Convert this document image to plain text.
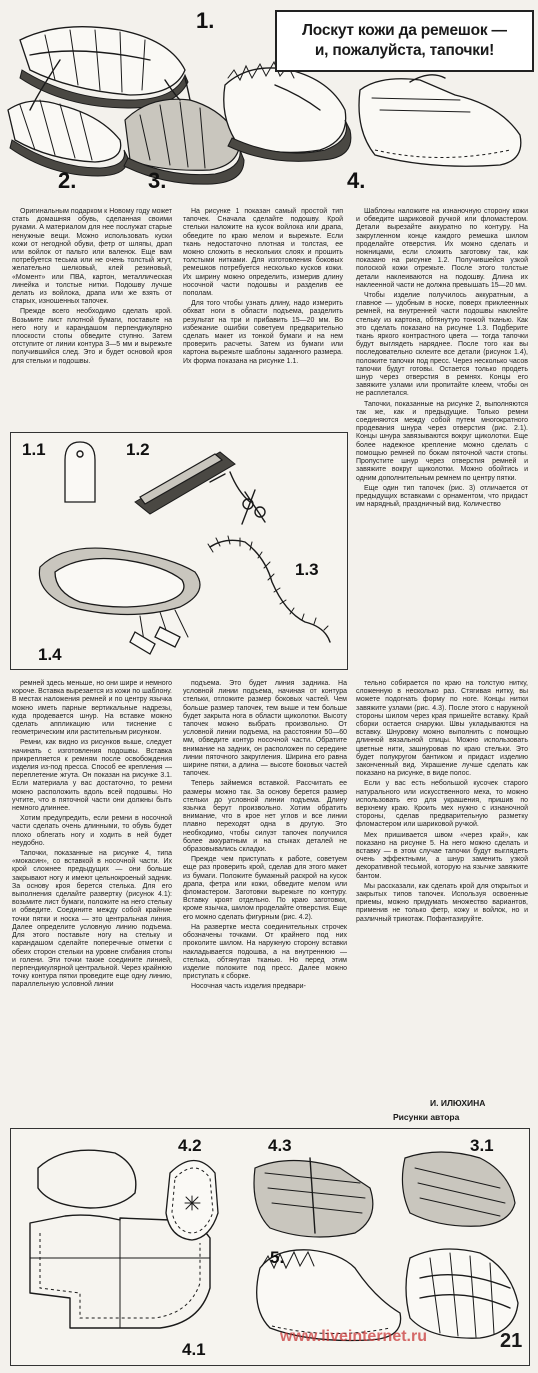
1.
2.	3.	4.
Лоскут кожи да ремешок —
и, пожалуйста, тапочки!

Оригинальным подарком к Новому году может стать домашняя обувь, сделанная своими руками. А материалом для нее послужат старые ненужные вещи. Можно использовать куски кожи от негодной обуви, фетр от шляпы, драп или войлок от пальто или валенок. Еще вам потребуется тесьма или не очень толстый жгут, желательно шелковый, клей резиновый, «Момент» или ПВА, картон, металлическая линейка и толстые нитки. Подошву лучше делать из войлока, драпа или же взять от старых, изношенных тапочек.

Прежде всего необходимо сделать крой. Возьмите лист плотной бумаги, поставьте на него ногу и карандашом перпендикулярно плоскости стопы обведите ступню. Затем отступите от линии контура 3—5 мм и вырежьте получившийся след. Это и будет основой кроя для стельки и подошвы.

На рисунке 1 показан самый простой тип тапочек. Сначала сделайте подошву. Крой стельки наложите на кусок войлока или драпа, обведите по краю мелом и вырежьте. Если ткань недостаточно плотная и толстая, ее можно сложить в нескольких слоях и прошить толстыми нитками. Для изготовления боковых ремешков потребуется несколько кусков кожи. Их ширину можно определить, измерив длину носочной части подошвы и разделив ее пополам.

Для того чтобы узнать длину, надо измерить обхват ноги в области подъема, разделить результат на три и прибавить 15—20 мм. Во избежание ошибки советуем предварительно сделать макет из тонкой бумаги и на нем проверить расчеты. Затем из бумаги или картона вырежьте шаблоны заданного размера. Их форма показана на рисунке 1.1.

Шаблоны наложите на изнаночную сторону кожи и обведите шариковой ручкой или фломастером. Детали вырезайте аккуратно по контуру. На закругленном конце каждого ремешка шилом проделайте отверстия. Их можно сделать и ножницами, если сложить заготовку так, как показано на рисунке 1.2. Получившейся узкой полоской кожи отрежьте. После этого толстые детали наклеиваются на подошву. Длина их наклеенной части не должна превышать 15—20 мм.

Чтобы изделие получилось аккуратным, а главное — удобным в носке, поверх приклеенных ремней, на внутренней части подошвы наклейте стельку из картона, обтянутую тонкой тканью. Как это сделать показано на рисунке 1.3. Подберите ткань яркого контрастного цвета — тогда тапочки будут выглядеть наряднее. После того как вы последовательно склеите все детали (рисунок 1.4), положите тапочки под пресс. Через несколько часов тапочки будут готовы. Остается только продеть шнур через отверстия в ремнях. Концы его завяжите узлами или пропитайте клеем, чтобы он не расплетался.

Тапочки, показанные на рисунке 2, выполняются так же, как и предыдущие. Только ремни соединяются между собой путем многократного продевания шнура через отверстия (рис. 2.1). Концы шнура завязываются вокруг щиколотки. Еще более надежное крепление можно сделать с помощью ремней по бокам пяточной части стопы. Пропустите шнур через отверстия ремней и завяжите вокруг щиколотки. Можно обойтись и одним дополнительным ремнем по центру пятки.

Еще один тип тапочек (рис. 3) отличается от предыдущих вставками с орнаментом, что придаст им нарядный, праздничный вид. Количество

1.1	1.2
1.3
1.4

ремней здесь меньше, но они шире и немного короче. Вставка вырезается из кожи по шаблону. В местах наложения ремней и по центру язычка можно иметь парные вертикальные надрезы, куда продевается шнур. На вставке можно сделать аппликацию или тиснение с геометрическим или растительным рисунком.

Ремни, как видно из рисунков выше, следует начинать с изготовления подошвы. Вставка прикрепляется к ремням после освобождения изделия из-под пресса. Способ ее крепления — переплетение жгута. Он показан на рисунке 3.1. Если материала у вас достаточно, то ремни можно расположить вдоль всей подошвы. Но учтите, что в пяточной части они должны быть немного длиннее.

Хотим предупредить, если ремни в носочной части сделать очень длинными, то обувь будет плохо облегать ногу и ходить в ней будет неудобно.

Тапочки, показанные на рисунке 4, типа «мокасин», со вставкой в носочной части. Их крой сложнее предыдущих — они больше закрывают ногу и имеют цельнокроеный задник. За основу кроя берется стелька. Для его выполнения сделайте развертку (рисунок 4.1): возьмите лист бумаги, положите на него стельку и обведите. Соедините между собой крайние точки пятки и носка — это центральная линия. Далее определите условную линию подъема. Для этого поставьте ногу на стельку и карандашом сделайте поперечные отметки с обеих сторон стельки на уровне сгибания стопы и голени. Эти точки также соедините линией, перпендикулярной центральной. Через крайнюю точку контура пятки проведите еще одну линию, параллельную условной линии

подъема. Это будет линия задника. На условной линии подъема, начиная от контура стельки, отложите размер боковых частей. Чем больше размер тапочек, тем выше и тем больше будет закрыта нога в области щиколотки. Высоту тапочек можно выбрать произвольно. От условной линии подъема, на расстоянии 50—60 мм, обведите контур носочной части. Обратите внимание на задник, он расположен по середине линии пяточного закругления. Ширина его равна ширине пятки, а длина — высоте боковых частей тапочек.

Теперь займемся вставкой. Рассчитать ее размеры можно так. За основу берется размер стельки до условной линии подъема. Длину язычка берут произвольно. Хотим обратить внимание, что в крое нет углов и все линии плавно переходят одна в другую. Это необходимо, чтобы силуэт тапочек получился более аккуратным и на стыках деталей не образовывались складки.

Прежде чем приступать к работе, советуем еще раз проверить крой, сделав для этого макет из бумаги. Положите бумажный раскрой на кусок драпа, фетра или кожи, обведите мелом или фломастером. Заготовки вырежьте по контуру. Вставку кроят отдельно. По краю заготовки, кроме язычка, шилом проделайте отверстия. Еще его можно сделать фигурным (рис. 4.2).

На развертке места соединительных строчек обозначены точками. От крайнего под них проколите шилом. На наружную сторону вставки накладывается подошва, а на внутреннюю — стелька, обтянутая тканью. Но перед этим изделие положите под пресс. Далее можно приступать к сборке.

Носочная часть изделия предвари-

тельно собирается по краю на толстую нитку, сложенную в несколько раз. Стягивая нитку, вы можете подогнать форму по ноге. Концы нитки завяжите узлами (рис. 4.3). После этого с наружной стороны шилом через края пришейте вставку. Край сборки остается снаружи. Швы укладываются на вставку. Шнуровку можно выполнить с помощью длинной вязальной спицы. Можно использовать цветные нити, зашнуровав по краю стельки. Это будет полукругом бантиком и придаст изделию законченный вид. Украшение лучше сделать как показано на рисунке, в виде полос.

Если у вас есть небольшой кусочек старого натурального или искусственного меха, то можно использовать его для украшения, пришив по верхнему краю. Кроить мех нужно с изнаночной стороны, сделав предварительную разметку фломастером или шариковой ручкой.

Мех пришивается швом «через край», как показано на рисунке 5. На него можно сделать и вставку — в этом случае тапочки будут выглядеть очень эффектными, а шнур заменить узкой декоративной тесьмой, которую на язычке завяжите бантом.

Мы рассказали, как сделать крой для открытых и закрытых типов тапочек. Используя освоенные приемы, можно придумать множество вариантов, применив не только фетр, кожу и войлок, но и различный трикотаж. Пофантазируйте.

И. ИЛЮХИНА
Рисунки автора
4.2	4.3	3.1
5.
4.1
www.liveinternet.ru	21
